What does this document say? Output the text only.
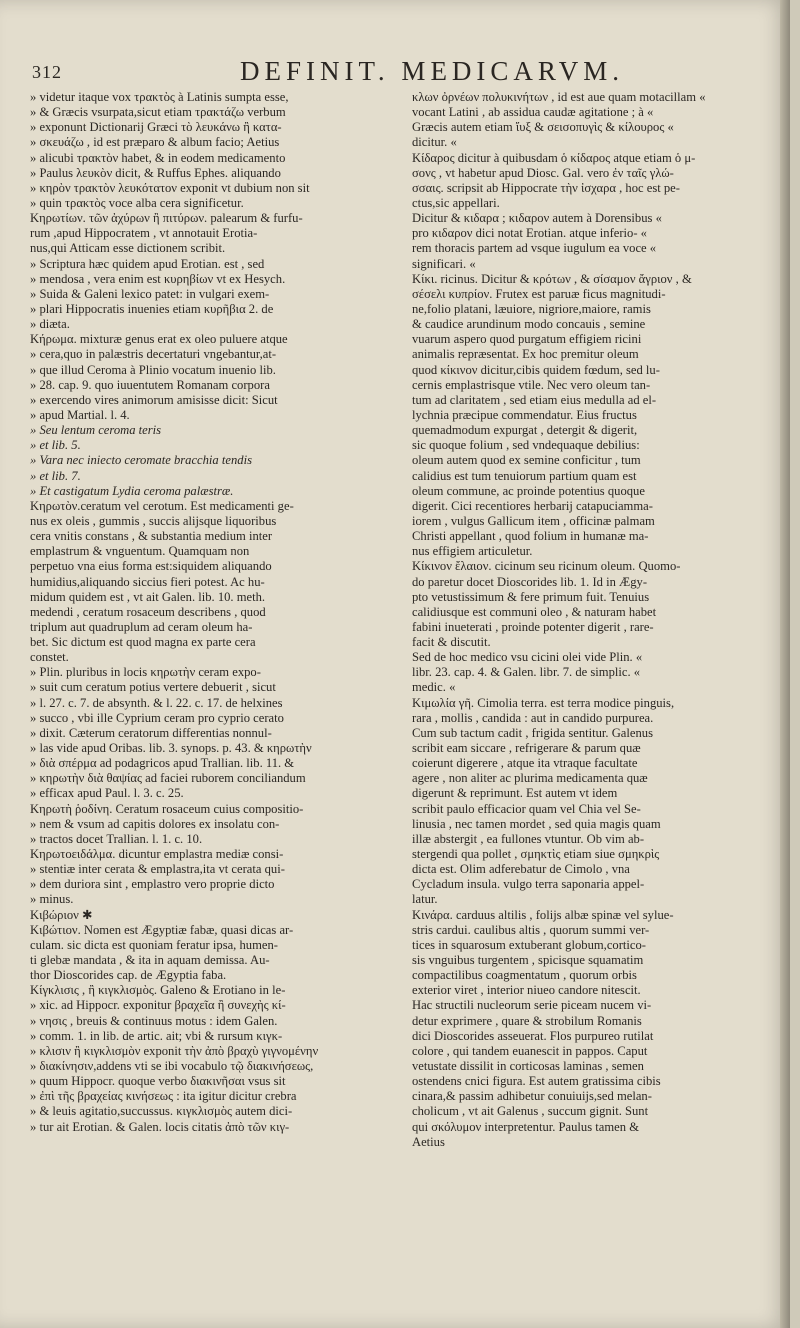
312	DEFINIT. MEDICARVM.
» videtur itaque vox τρακτὸς à Latinis sumpta esse,
» & Græcis vsurpata,sicut etiam τρακτάζω verbum
» exponunt Dictionarij Græci τὸ λευκάνω ἢ κατα-
» σκευάζω , id est præparo & album facio; Aetius
» alicubi τρακτὸν habet, & in eodem medicamento
» Paulus λευκὸν dicit, & Ruffus Ephes. aliquando
» κηρὸν τρακτὸν λευκότατον exponit vt dubium non sit
» quin τρακτὸς voce alba cera significetur.
Κηρωτίων. τῶν ἀχύρων ἢ πιτύρων. palearum & furfu-
rum ,apud Hippocratem , vt annotauit Erotia-
nus,qui Atticam esse dictionem scribit.
» Scriptura hæc quidem apud Erotian. est , sed
» mendosa , vera enim est κυρηβίων vt ex Hesych.
» Suida & Galeni lexico patet: in vulgari exem-
» plari Hippocratis inuenies etiam κυρῆβια 2. de
» diæta.
Κήρωμα. mixturæ genus erat ex oleo puluere atque
» cera,quo in palæstris decertaturi vngebantur,at-
» que illud Ceroma à Plinio vocatum inuenio lib.
» 28. cap. 9. quo iuuentutem Romanam corpora
» exercendo vires animorum amisisse dicit: Sicut
» apud Martial. l. 4.
» Seu lentum ceroma teris
» et lib. 5.
» Vara nec iniecto ceromate bracchia tendis
» et lib. 7.
» Et castigatum Lydia ceroma palæstræ.
Κηρωτὸν.ceratum vel cerotum. Est medicamenti ge-
nus ex oleis , gummis , succis alijsque liquoribus
cera vnitis constans , & substantia medium inter
emplastrum & vnguentum. Quamquam non
perpetuo vna eius forma est:siquidem aliquando
humidius,aliquando siccius fieri potest. Ac hu-
midum quidem est , vt ait Galen. lib. 10. meth.
medendi , ceratum rosaceum describens , quod
triplum aut quadruplum ad ceram oleum ha-
bet. Sic dictum est quod magna ex parte cera
constet.
» Plin. pluribus in locis κηρωτὴν ceram expo-
» suit cum ceratum potius vertere debuerit , sicut
» l. 27. c. 7. de absynth. & l. 22. c. 17. de helxines
» succo , vbi ille Cyprium ceram pro cyprio cerato
» dixit. Cæterum ceratorum differentias nonnul-
» las vide apud Oribas. lib. 3. synops. p. 43. & κηρωτὴν
» διὰ σπέρμα ad podagricos apud Trallian. lib. 11. &
» κηρωτὴν διὰ θαψίας ad faciei ruborem conciliandum
» efficax apud Paul. l. 3. c. 25.
Κηρωτὴ ῥοδίνη. Ceratum rosaceum cuius compositio-
» nem & vsum ad capitis dolores ex insolatu con-
» tractos docet Trallian. l. 1. c. 10.
Κηρωτοειδάλμα. dicuntur emplastra mediæ consi-
» stentiæ inter cerata & emplastra,ita vt cerata qui-
» dem duriora sint , emplastro vero proprie dicto
» minus.
Κιβώριον ✱
Κιβώτιον. Nomen est Ægyptiæ fabæ, quasi dicas ar-
culam. sic dicta est quoniam feratur ipsa, humen-
ti glebæ mandata , & ita in aquam demissa. Au-
thor Dioscorides cap. de Ægyptia faba.
Κίγκλισις , ἢ κιγκλισμὸς. Galeno & Erotiano in le-
» xic. ad Hippocr. exponitur βραχεῖα ἢ συνεχὴς κί-
» νησις , breuis & continuus motus : idem Galen.
» comm. 1. in lib. de artic. ait; vbi & rursum κιγκ-
» κλισιν ἢ κιγκλισμὸν exponit τὴν ἀπὸ βραχὺ γιγνομένην
» διακίνησιν,addens vti se ibi vocabulo τῷ διακινήσεως,
» quum Hippocr. quoque verbo διακινῆσαι vsus sit
» ἐπὶ τῆς βραχείας κινήσεως : ita igitur dicitur crebra
» & leuis agitatio,succussus. κιγκλισμὸς autem dici-
» tur ait Erotian. & Galen. locis citatis ἀπὸ τῶν κιγ-
κλων ὀρνέων πολυκινήτων , id est aue quam motacillam «
vocant Latini , ab assidua caudæ agitatione ; à «
Græcis autem etiam ἴυξ & σεισοπυγὶς & κίλουρος «
dicitur. «
Κίδαρος dicitur à quibusdam ὁ κίδαρος atque etiam ὁ μ-
σονς , vt habetur apud Diosc. Gal. vero ἐν ταῖς γλώ-
σσαις. scripsit ab Hippocrate τὴν ἰσχαρα , hoc est pe-
ctus,sic appellari.
Dicitur & κιδαρα ; κιδαρον autem à Dorensibus «
pro κιδαρον dici notat Erotian. atque inferio- «
rem thoracis partem ad vsque iugulum ea voce «
significari. «
Κίκι. ricinus. Dicitur & κρότων , & σίσαμον ἄγριον , &
σέσελι κυπρίον. Frutex est paruæ ficus magnitudi-
ne,folio platani, læuiore, nigriore,maiore, ramis
& caudice arundinum modo concauis , semine
vuarum aspero quod purgatum effigiem ricini
animalis repræsentat. Ex hoc premitur oleum
quod κίκινον dicitur,cibis quidem fœdum, sed lu-
cernis emplastrisque vtile. Nec vero oleum tan-
tum ad claritatem , sed etiam eius medulla ad el-
lychnia præcipue commendatur. Eius fructus
quemadmodum expurgat , detergit & digerit,
sic quoque folium , sed vndequaque debilius:
oleum autem quod ex semine conficitur , tum
calidius est tum tenuiorum partium quam est
oleum commune, ac proinde potentius quoque
digerit. Cici recentiores herbarij catapuciamma-
iorem , vulgus Gallicum item , officinæ palmam
Christi appellant , quod folium in humanæ ma-
nus effigiem articuletur.
Κίκινον ἔλαιον. cicinum seu ricinum oleum. Quomo-
do paretur docet Dioscorides lib. 1. Id in Ægy-
pto vetustissimum & fere primum fuit. Tenuius
calidiusque est communi oleo , & naturam habet
fabini inueterati , proinde potenter digerit , rare-
facit & discutit.
Sed de hoc medico vsu cicini olei vide Plin. «
libr. 23. cap. 4. & Galen. libr. 7. de simplic. «
medic. «
Κιμωλία γῆ. Cimolia terra. est terra modice pinguis,
rara , mollis , candida : aut in candido purpurea.
Cum sub tactum cadit , frigida sentitur. Galenus
scribit eam siccare , refrigerare & parum quæ
coierunt digerere , atque ita vtraque facultate
agere , non aliter ac plurima medicamenta quæ
digerunt & reprimunt. Est autem vt idem
scribit paulo efficacior quam vel Chia vel Se-
linusia , nec tamen mordet , sed quia magis quam
illæ abstergit , ea fullones vtuntur. Ob vim ab-
stergendi qua pollet , σμηκτὶς etiam siue σμηκρὶς
dicta est. Olim adferebatur de Cimolo , vna
Cycladum insula. vulgo terra saponaria appel-
latur.
Κινάρα. carduus altilis , folijs albæ spinæ vel sylue-
stris cardui. caulibus altis , quorum summi ver-
tices in squarosum extuberant globum,cortico-
sis vnguibus turgentem , spicisque squamatim
compactilibus coagmentatum , quorum orbis
exterior viret , interior niueo candore nitescit.
Hac structili nucleorum serie piceam nucem vi-
detur exprimere , quare & strobilum Romanis
dici Dioscorides asseuerat. Flos purpureo rutilat
colore , qui tandem euanescit in pappos. Caput
vetustate dissilit in corticosas laminas , semen
ostendens cnici figura. Est autem gratissima cibis
cinara,& passim adhibetur conuiuijs,sed melan-
cholicum , vt ait Galenus , succum gignit. Sunt
qui σκόλυμον interpretentur. Paulus tamen &
Aetius
